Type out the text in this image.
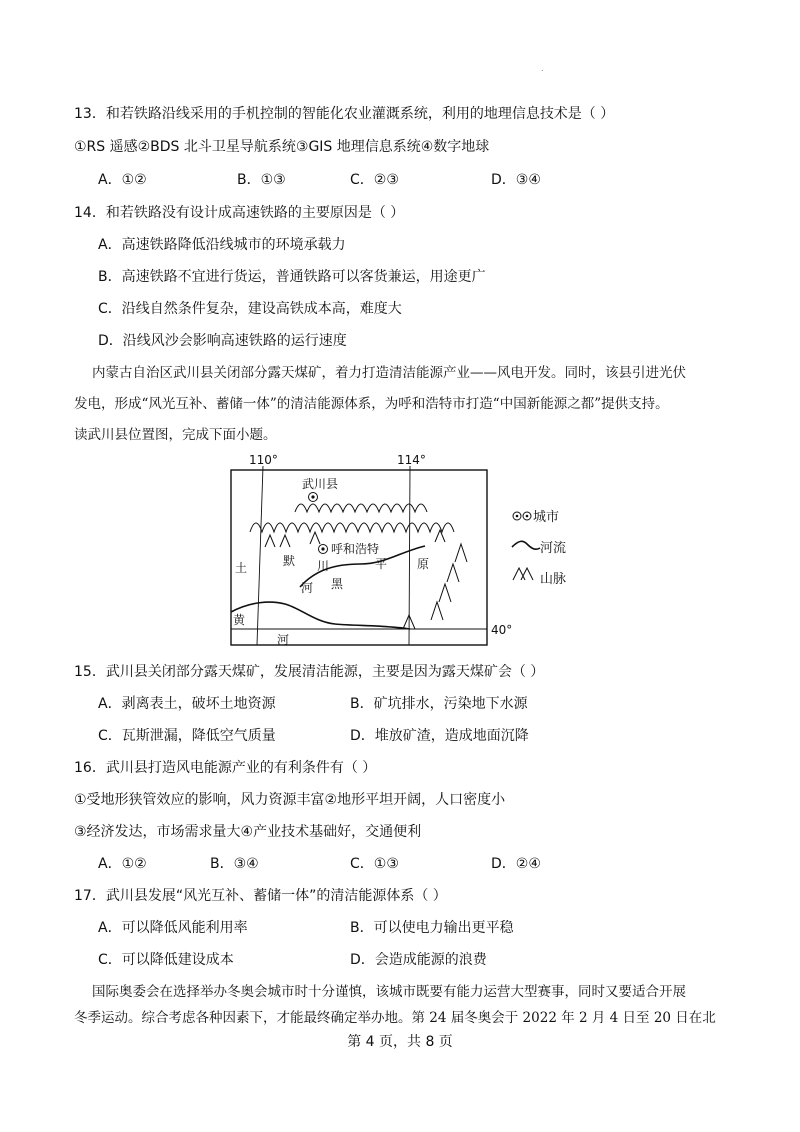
.
13．和若铁路沿线采用的手机控制的智能化农业灌溉系统，利用的地理信息技术是（ ）
①RS 遥感②BDS 北斗卫星导航系统③GIS 地理信息系统④数字地球
A．①②	B．①③	C．②③	D．③④
14．和若铁路没有设计成高速铁路的主要原因是（ ）
A．高速铁路降低沿线城市的环境承载力
B．高速铁路不宜进行货运，普通铁路可以客货兼运，用途更广
C．沿线自然条件复杂，建设高铁成本高，难度大
D．沿线风沙会影响高速铁路的运行速度
内蒙古自治区武川县关闭部分露天煤矿，着力打造清洁能源产业——风电开发。同时，该县引进光伏
发电，形成“风光互补、蓄储一体”的清洁能源体系，为呼和浩特市打造“中国新能源之都”提供支持。
读武川县位置图，完成下面小题。
110°	114°
40°
武川县
呼和浩特
土	默 川	平 原
河 黑
黄
河
城市
河流
山脉
15．武川县关闭部分露天煤矿，发展清洁能源，主要是因为露天煤矿会（ ）
A．剥离表土，破坏土地资源	B．矿坑排水，污染地下水源
C．瓦斯泄漏，降低空气质量	D．堆放矿渣，造成地面沉降
16．武川县打造风电能源产业的有利条件有（ ）
①受地形狭管效应的影响，风力资源丰富②地形平坦开阔，人口密度小
③经济发达，市场需求量大④产业技术基础好，交通便利
A．①②	B．③④	C．①③	D．②④
17．武川县发展“风光互补、蓄储一体”的清洁能源体系（ ）
A．可以降低风能利用率	B．可以使电力输出更平稳
C．可以降低建设成本	D．会造成能源的浪费
国际奥委会在选择举办冬奥会城市时十分谨慎，该城市既要有能力运营大型赛事，同时又要适合开展
冬季运动。综合考虑各种因素下，才能最终确定举办地。第 24 届冬奥会于 2022 年 2 月 4 日至 20 日在北
第 4 页，共 8 页
